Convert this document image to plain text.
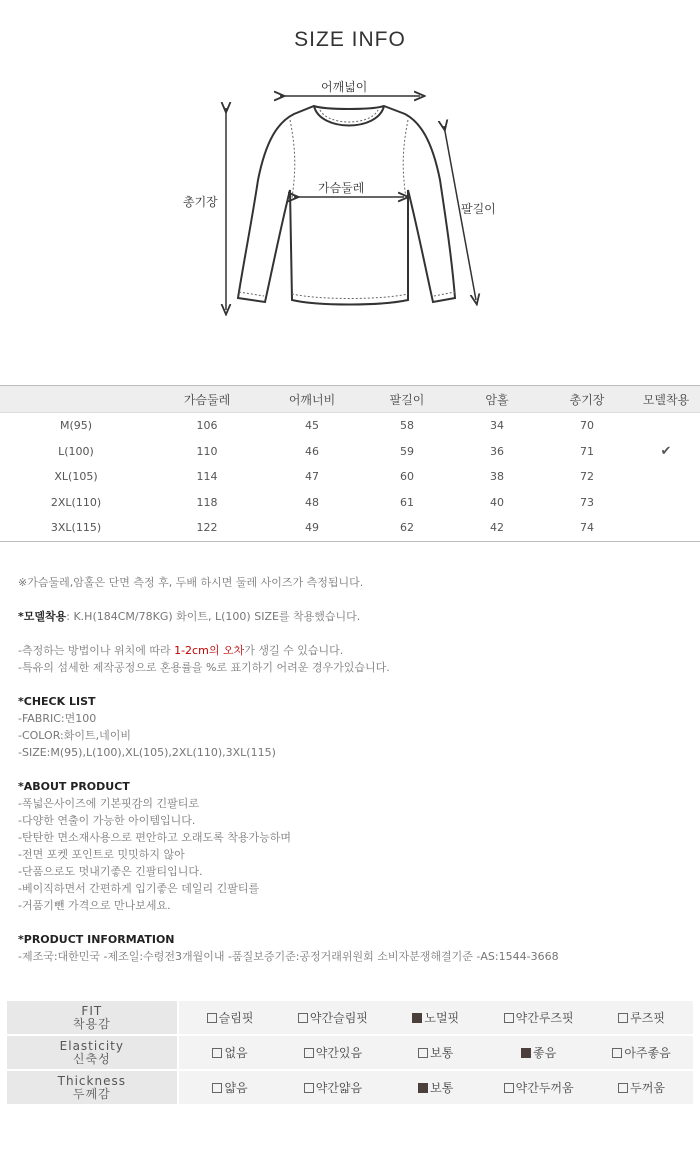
SIZE INFO
어깨넓이
가슴둘레
총기장	팔길이
	가슴둘레	어깨너비	팔길이	암홀	총기장	모델착용
M(95)	106	45	58	34	70	
L(100)	110	46	59	36	71	✔
XL(105)	114	47	60	38	72	
2XL(110)	118	48	61	40	73	
3XL(115)	122	49	62	42	74	
※가슴둘레,암홀은 단면 측정 후, 두배 하시면 둘레 사이즈가 측정됩니다.
*모델착용: K.H(184CM/78KG) 화이트, L(100) SIZE를 착용했습니다.
-측정하는 방법이나 위치에 따라 1-2cm의 오차가 생길 수 있습니다.
-특유의 섬세한 제작공정으로 혼용률을 %로 표기하기 어려운 경우가있습니다.
*CHECK LIST
-FABRIC:면100
-COLOR:화이트,네이비
-SIZE:M(95),L(100),XL(105),2XL(110),3XL(115)
*ABOUT PRODUCT
-폭넓은사이즈에 기본핏감의 긴팔티로
-다양한 연출이 가능한 아이템입니다.
-탄탄한 면소재사용으로 편안하고 오래도록 착용가능하며
-전면 포켓 포인트로 밋밋하지 않아
-단품으로도 멋내기좋은 긴팔티입니다.
-베이직하면서 간편하게 입기좋은 데일리 긴팔티를
-거품기뺀 가격으로 만나보세요.
*PRODUCT INFORMATION
-제조국:대한민국 -제조일:수령전3개월이내 -품질보증기준:공정거래위원회 소비자분쟁해결기준 -AS:1544-3668
FIT
착용감	슬림핏	약간슬림핏	노멀핏	약간루즈핏	루즈핏

Elasticity
신축성	없음	약간있음	보통	좋음	아주좋음

Thickness
두께감	얇음	약간얇음	보통	약간두꺼움	두꺼움
